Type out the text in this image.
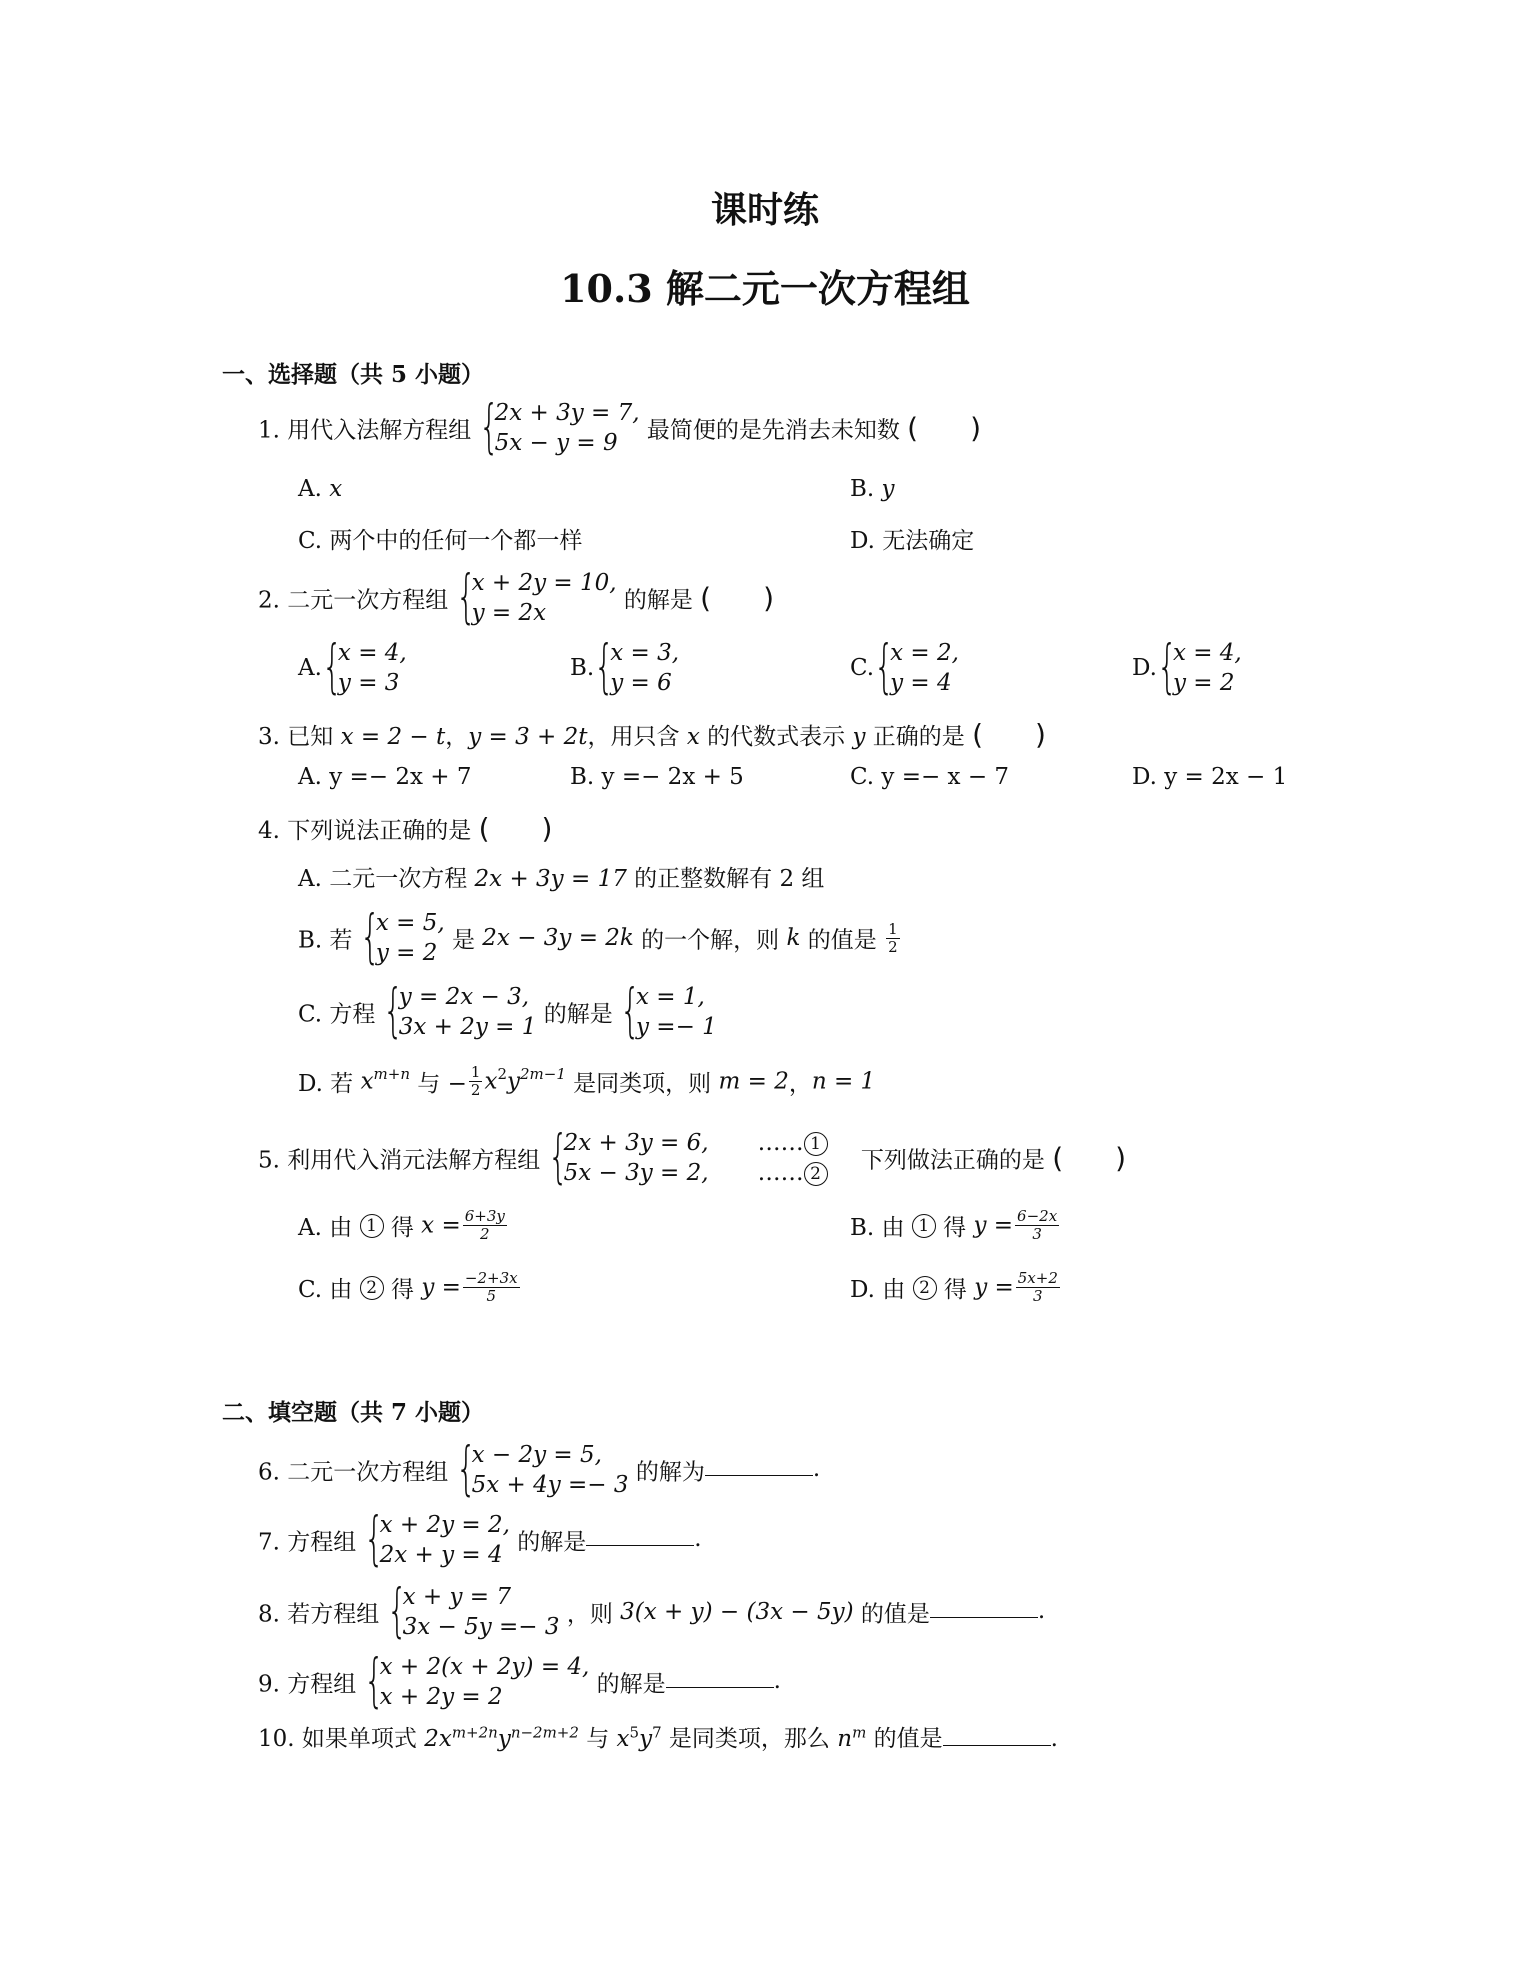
课时练
10.3 解二元一次方程组
一、选择题（共 5 小题）
1. 用代入法解方程组 {
2x + 3y = 7,
5x − y = 9	最简便的是先消去未知数 ( )
A. x	B. y
C. 两个中的任何一个都一样	D. 无法确定
2. 二元一次方程组 {
x + 2y = 10,
y = 2x	的解是 ( )
A. {
x = 4,
y = 3
B. {
x = 3,
y = 6
C. {
x = 2,
y = 4
D. {
x = 4,
y = 2
3. 已知 x = 2 − t，y = 3 + 2t，用只含 x 的代数式表示 y 正确的是 ( )
A. y =− 2x + 7	B. y =− 2x + 5	C. y =− x − 7	D. y = 2x − 1
4. 下列说法正确的是 ( )
A. 二元一次方程 2x + 3y = 17 的正整数解有 2 组
B. 若 {
x = 5,
y = 2 是 2x − 3y = 2k 的一个解，则 k 的值是 $\frac{1}{2}$
C. 方程 {
y = 2x − 3,
3x + 2y = 1 的解是 {
x = 1,
y =− 1
D. 若 $x^{m+n}$ 与 − $\frac{1}{2} x^2y^{2m-1}$ 是同类项，则 m = 2，n = 1
5. 利用代入消元法解方程组 {
2x + 3y = 6, …… 1
5x − 3y = 2, …… 2
下列做法正确的是 ( )
A. 由 1 得 $x = \frac{6+3y}{2}$	B. 由 1 得 $y = \frac{6-2x}{3}$
C. 由 2 得 $y = \frac{-2+3x}{5}$	D. 由 2 得 $y = \frac{5x+2}{3}$
二、填空题（共 7 小题）
6. 二元一次方程组 {
x − 2y = 5,
5x + 4y =− 3 的解为	.
7. 方程组 {
x + 2y = 2,
2x + y = 4 的解是	.
8. 若方程组 {
x + y = 7
3x − 5y =− 3 ，则 3(x + y) − (3x − 5y) 的值是	.
9. 方程组 {
x + 2(x + 2y) = 4,
x + 2y = 2	的解是	.
10. 如果单项式 $2x^{m+2n}y^{n-2m+2}$ 与 $x^5y^7$ 是同类项，那么 $n^m$ 的值是	.
